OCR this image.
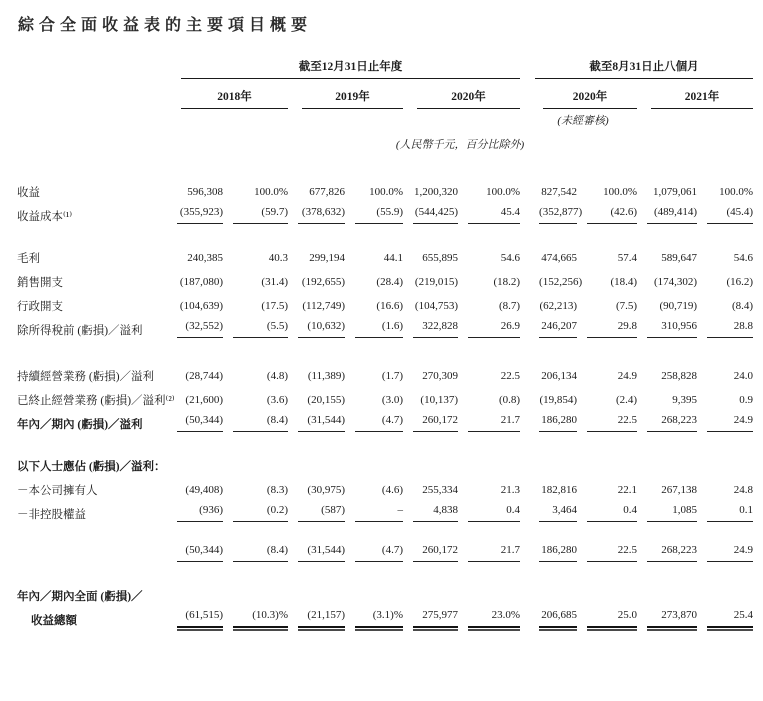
綜合全面收益表的主要項目概要

	截至12月31日止年度							截至8月31日止八個月			

	2018年		2019年		2020年			2020年		2021年	

								(未經審核)			
	(人民幣千元，百分比除外)										
收益	596,308	100.0%	677,826	100.0%	1,200,320	100.0%		827,542	100.0%	1,079,061	100.0%

收益成本⁽¹⁾	(355,923)	(59.7)	(378,632)	(55.9)	(544,425)	45.4		(352,877)	(42.6)	(489,414)	(45.4)

毛利	240,385	40.3	299,194	44.1	655,895	54.6		474,665	57.4	589,647	54.6

銷售開支	(187,080)	(31.4)	(192,655)	(28.4)	(219,015)	(18.2)		(152,256)	(18.4)	(174,302)	(16.2)

行政開支	(104,639)	(17.5)	(112,749)	(16.6)	(104,753)	(8.7)		(62,213)	(7.5)	(90,719)	(8.4)

除所得稅前 (虧損)／溢利	(32,552)	(5.5)	(10,632)	(1.6)	322,828	26.9		246,207	29.8	310,956	28.8

持續經營業務 (虧損)／溢利	(28,744)	(4.8)	(11,389)	(1.7)	270,309	22.5		206,134	24.9	258,828	24.0

已終止經營業務 (虧損)／溢利⁽²⁾	(21,600)	(3.6)	(20,155)	(3.0)	(10,137)	(0.8)		(19,854)	(2.4)	9,395	0.9

年內／期內 (虧損)／溢利	(50,344)	(8.4)	(31,544)	(4.7)	260,172	21.7		186,280	22.5	268,223	24.9

以下人士應佔 (虧損)／溢利：	

－本公司擁有人	(49,408)	(8.3)	(30,975)	(4.6)	255,334	21.3		182,816	22.1	267,138	24.8

－非控股權益	(936)	(0.2)	(587)	–	4,838	0.4		3,464	0.4	1,085	0.1

	(50,344)	(8.4)	(31,544)	(4.7)	260,172	21.7		186,280	22.5	268,223	24.9

年內／期內全面 (虧損)／	

收益總額	(61,515)	(10.3)%	(21,157)	(3.1)%	275,977	23.0%		206,685	25.0	273,870	25.4
